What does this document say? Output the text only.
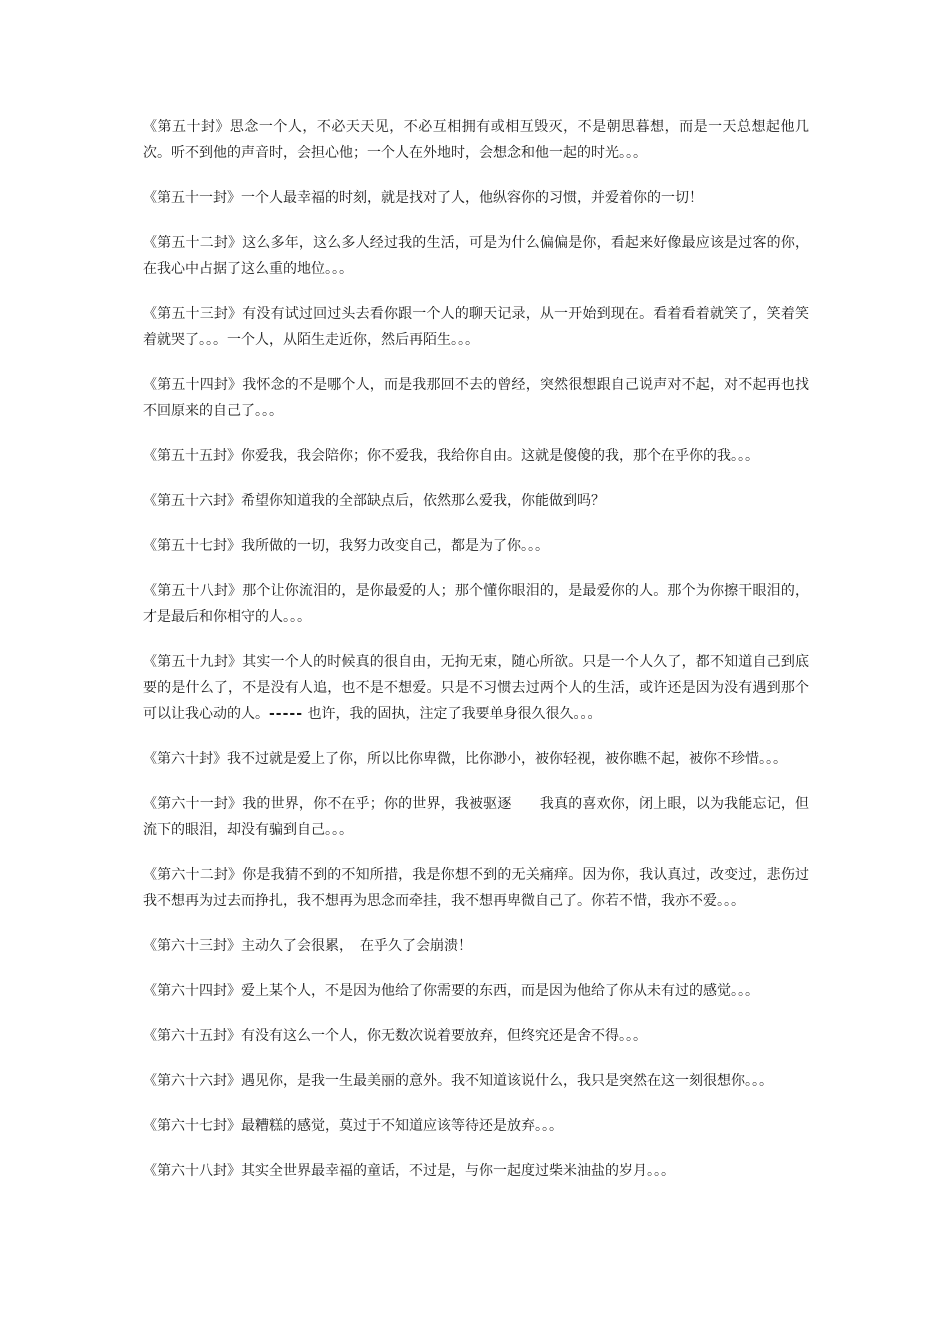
《第五十封》思念一个人，不必天天见，不必互相拥有或相互毁灭，不是朝思暮想，而是一天总想起他几次。听不到他的声音时，会担心他；一个人在外地时，会想念和他一起的时光。。。

《第五十一封》一个人最幸福的时刻，就是找对了人，他纵容你的习惯，并爱着你的一切！

《第五十二封》这么多年，这么多人经过我的生活，可是为什么偏偏是你，看起来好像最应该是过客的你，在我心中占据了这么重的地位。。。

《第五十三封》有没有试过回过头去看你跟一个人的聊天记录，从一开始到现在。看着看着就笑了，笑着笑着就哭了。。。一个人，从陌生走近你，然后再陌生。。。

《第五十四封》我怀念的不是哪个人，而是我那回不去的曾经，突然很想跟自己说声对不起，对不起再也找不回原来的自己了。。。

《第五十五封》你爱我，我会陪你；你不爱我，我给你自由。这就是傻傻的我，那个在乎你的我。。。

《第五十六封》希望你知道我的全部缺点后，依然那么爱我，你能做到吗？

《第五十七封》我所做的一切，我努力改变自己，都是为了你。。。

《第五十八封》那个让你流泪的，是你最爱的人；那个懂你眼泪的，是最爱你的人。那个为你擦干眼泪的，才是最后和你相守的人。。。

《第五十九封》其实一个人的时候真的很自由，无拘无束，随心所欲。只是一个人久了，都不知道自己到底要的是什么了，不是没有人追，也不是不想爱。只是不习惯去过两个人的生活，或许还是因为没有遇到那个可以让我心动的人。----- 也许，我的固执，注定了我要单身很久很久。。。

《第六十封》我不过就是爱上了你，所以比你卑微，比你渺小，被你轻视，被你瞧不起，被你不珍惜。。。

《第六十一封》我的世界，你不在乎；你的世界，我被驱逐　　我真的喜欢你，闭上眼，以为我能忘记，但流下的眼泪，却没有骗到自己。。。

《第六十二封》你是我猜不到的不知所措，我是你想不到的无关痛痒。因为你，我认真过，改变过，悲伤过　　我不想再为过去而挣扎，我不想再为思念而牵挂，我不想再卑微自己了。你若不惜，我亦不爱。。。

《第六十三封》主动久了会很累，　在乎久了会崩溃！

《第六十四封》爱上某个人，不是因为他给了你需要的东西，而是因为他给了你从未有过的感觉。。。

《第六十五封》有没有这么一个人，你无数次说着要放弃，但终究还是舍不得。。。

《第六十六封》遇见你，是我一生最美丽的意外。我不知道该说什么，我只是突然在这一刻很想你。。。

《第六十七封》最糟糕的感觉，莫过于不知道应该等待还是放弃。。。

《第六十八封》其实全世界最幸福的童话，不过是，与你一起度过柴米油盐的岁月。。。
